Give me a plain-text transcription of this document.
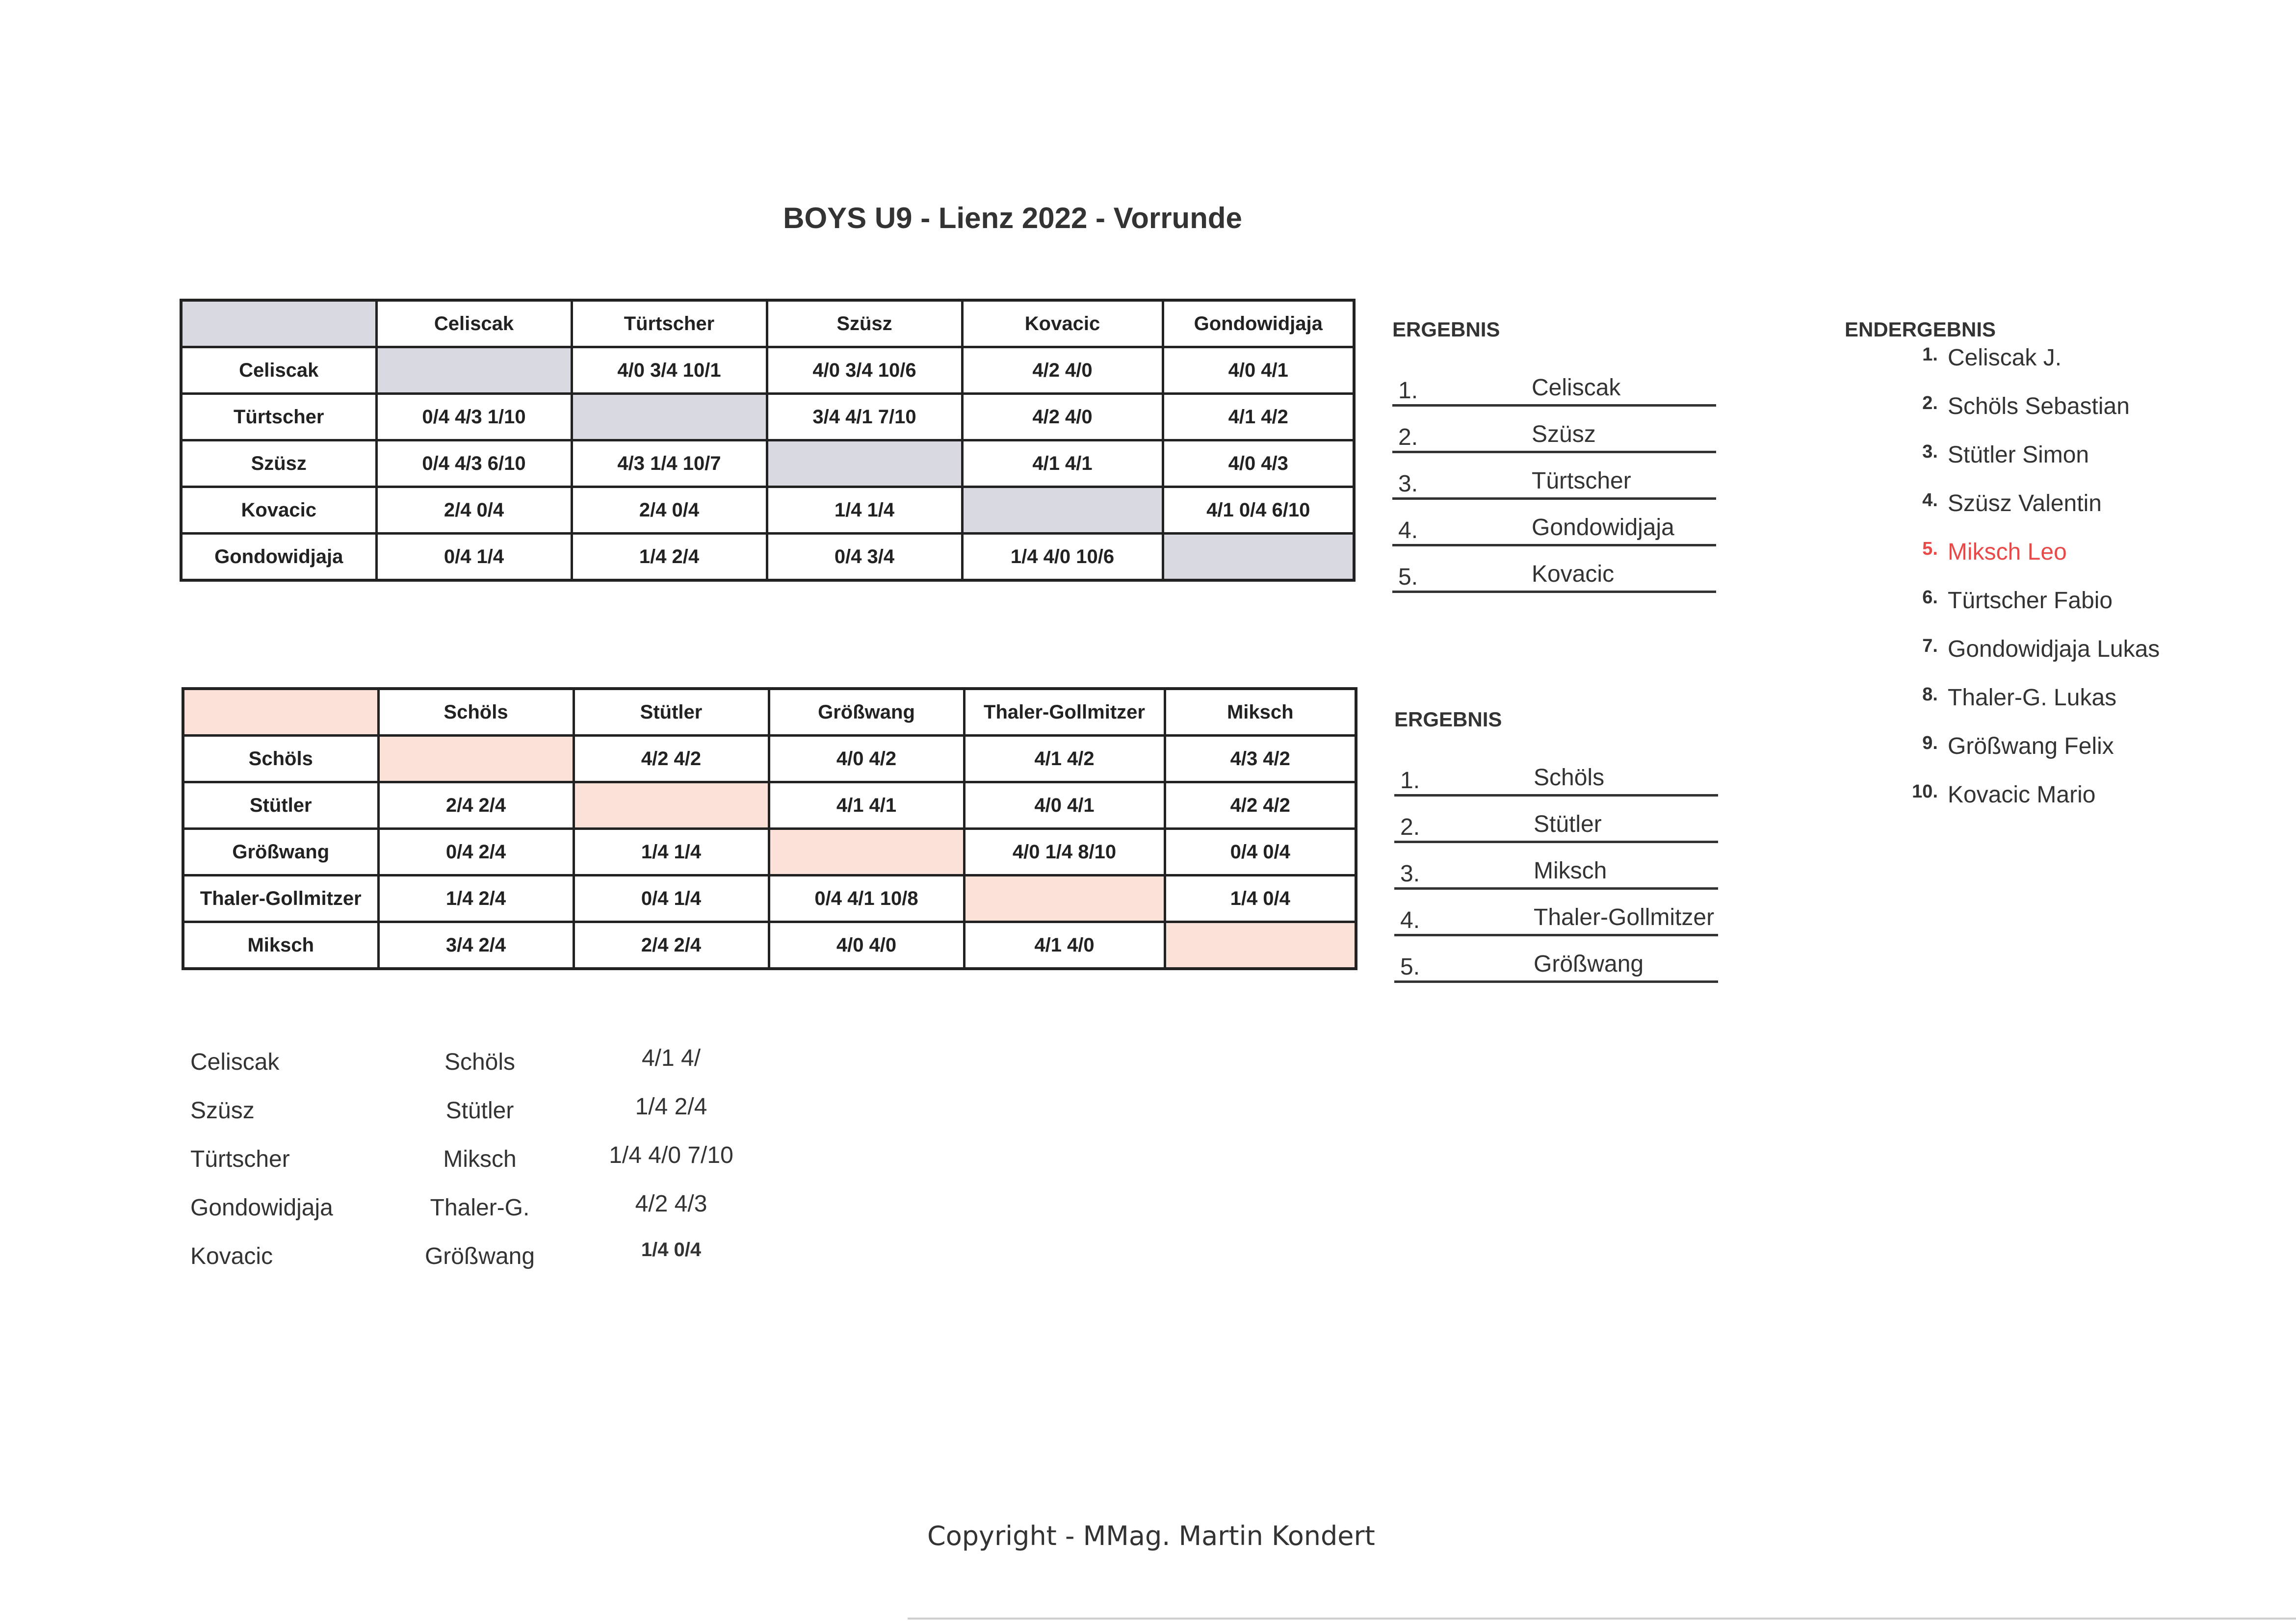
BOYS U9 - Lienz 2022 - Vorrunde
	Celiscak	Türtscher	Szüsz	Kovacic	Gondowidjaja
Celiscak		4/0 3/4 10/1	4/0 3/4 10/6	4/2 4/0	4/0 4/1
Türtscher	0/4 4/3 1/10		3/4 4/1 7/10	4/2 4/0	4/1 4/2
Szüsz	0/4 4/3 6/10	4/3 1/4 10/7		4/1 4/1	4/0 4/3
Kovacic	2/4 0/4	2/4 0/4	1/4 1/4		4/1 0/4 6/10
Gondowidjaja	0/4 1/4	1/4 2/4	0/4 3/4	1/4 4/0 10/6	
	Schöls	Stütler	Größwang	Thaler-Gollmitzer	Miksch
Schöls		4/2 4/2	4/0 4/2	4/1 4/2	4/3 4/2
Stütler	2/4 2/4		4/1 4/1	4/0 4/1	4/2 4/2
Größwang	0/4 2/4	1/4 1/4		4/0 1/4 8/10	0/4 0/4
Thaler-Gollmitzer	1/4 2/4	0/4 1/4	0/4 4/1 10/8		1/4 0/4
Miksch	3/4 2/4	2/4 2/4	4/0 4/0	4/1 4/0	
ERGEBNIS
1.	Celiscak
2.	Szüsz
3.	Türtscher
4.	Gondowidjaja
5.	Kovacic
ERGEBNIS
1.	Schöls
2.	Stütler
3.	Miksch
4.	Thaler-Gollmitzer
5.	Größwang
ENDERGEBNIS
1. Celiscak J.
2. Schöls Sebastian
3. Stütler Simon
4. Szüsz Valentin
5. Miksch Leo
6. Türtscher Fabio
7. Gondowidjaja Lukas
8. Thaler-G. Lukas
9. Größwang Felix
10. Kovacic Mario
Celiscak	Schöls	4/1 4/
Szüsz	Stütler	1/4 2/4
Türtscher	Miksch	1/4 4/0 7/10
Gondowidjaja	Thaler-G.	4/2 4/3
Kovacic	Größwang	1/4 0/4
Copyright - MMag. Martin Kondert
